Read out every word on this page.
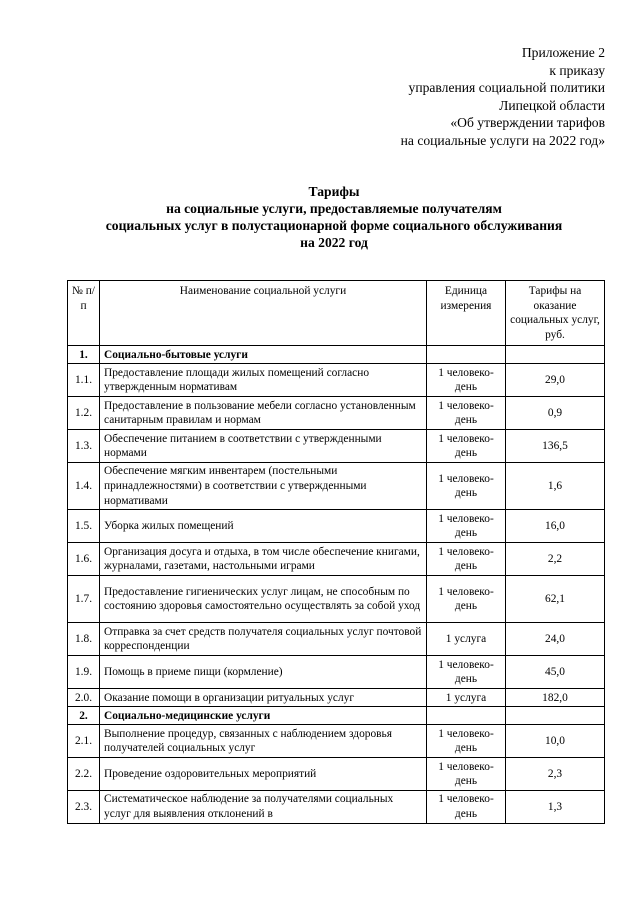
Приложение 2
к приказу
управления социальной политики
Липецкой области
«Об утверждении тарифов
на социальные услуги на 2022 год»
Тарифы
на социальные услуги, предоставляемые получателям
социальных услуг в полустационарной форме социального обслуживания
на 2022 год
№ п/п	Наименование социальной услуги	Единица измерения	Тарифы на оказание социальных услуг, руб.
1.	Социально-бытовые услуги		
1.1.	Предоставление площади жилых помещений согласно утвержденным нормативам	1 человеко-день	29,0
1.2.	Предоставление в пользование мебели согласно установленным санитарным правилам и нормам	1 человеко-день	0,9
1.3.	Обеспечение питанием в соответствии с утвержденными нормами	1 человеко-день	136,5
1.4.	Обеспечение мягким инвентарем (постельными принадлежностями) в соответствии с утвержденными нормативами	1 человеко-день	1,6
1.5.	Уборка жилых помещений	1 человеко-день	16,0
1.6.	Организация досуга и отдыха, в том числе обеспечение книгами, журналами, газетами, настольными играми	1 человеко-день	2,2
1.7.	Предоставление гигиенических услуг лицам, не способным по состоянию здоровья самостоятельно осуществлять за собой уход	1 человеко-день	62,1
1.8.	Отправка за счет средств получателя социальных услуг почтовой корреспонденции	1 услуга	24,0
1.9.	Помощь в приеме пищи (кормление)	1 человеко-день	45,0
2.0.	Оказание помощи в организации ритуальных услуг	1 услуга	182,0
2.	Социально-медицинские услуги		
2.1.	Выполнение процедур, связанных с наблюдением здоровья получателей социальных услуг	1 человеко-день	10,0
2.2.	Проведение оздоровительных мероприятий	1 человеко-день	2,3
2.3.	Систематическое наблюдение за получателями социальных услуг для выявления отклонений в	1 человеко-день	1,3
